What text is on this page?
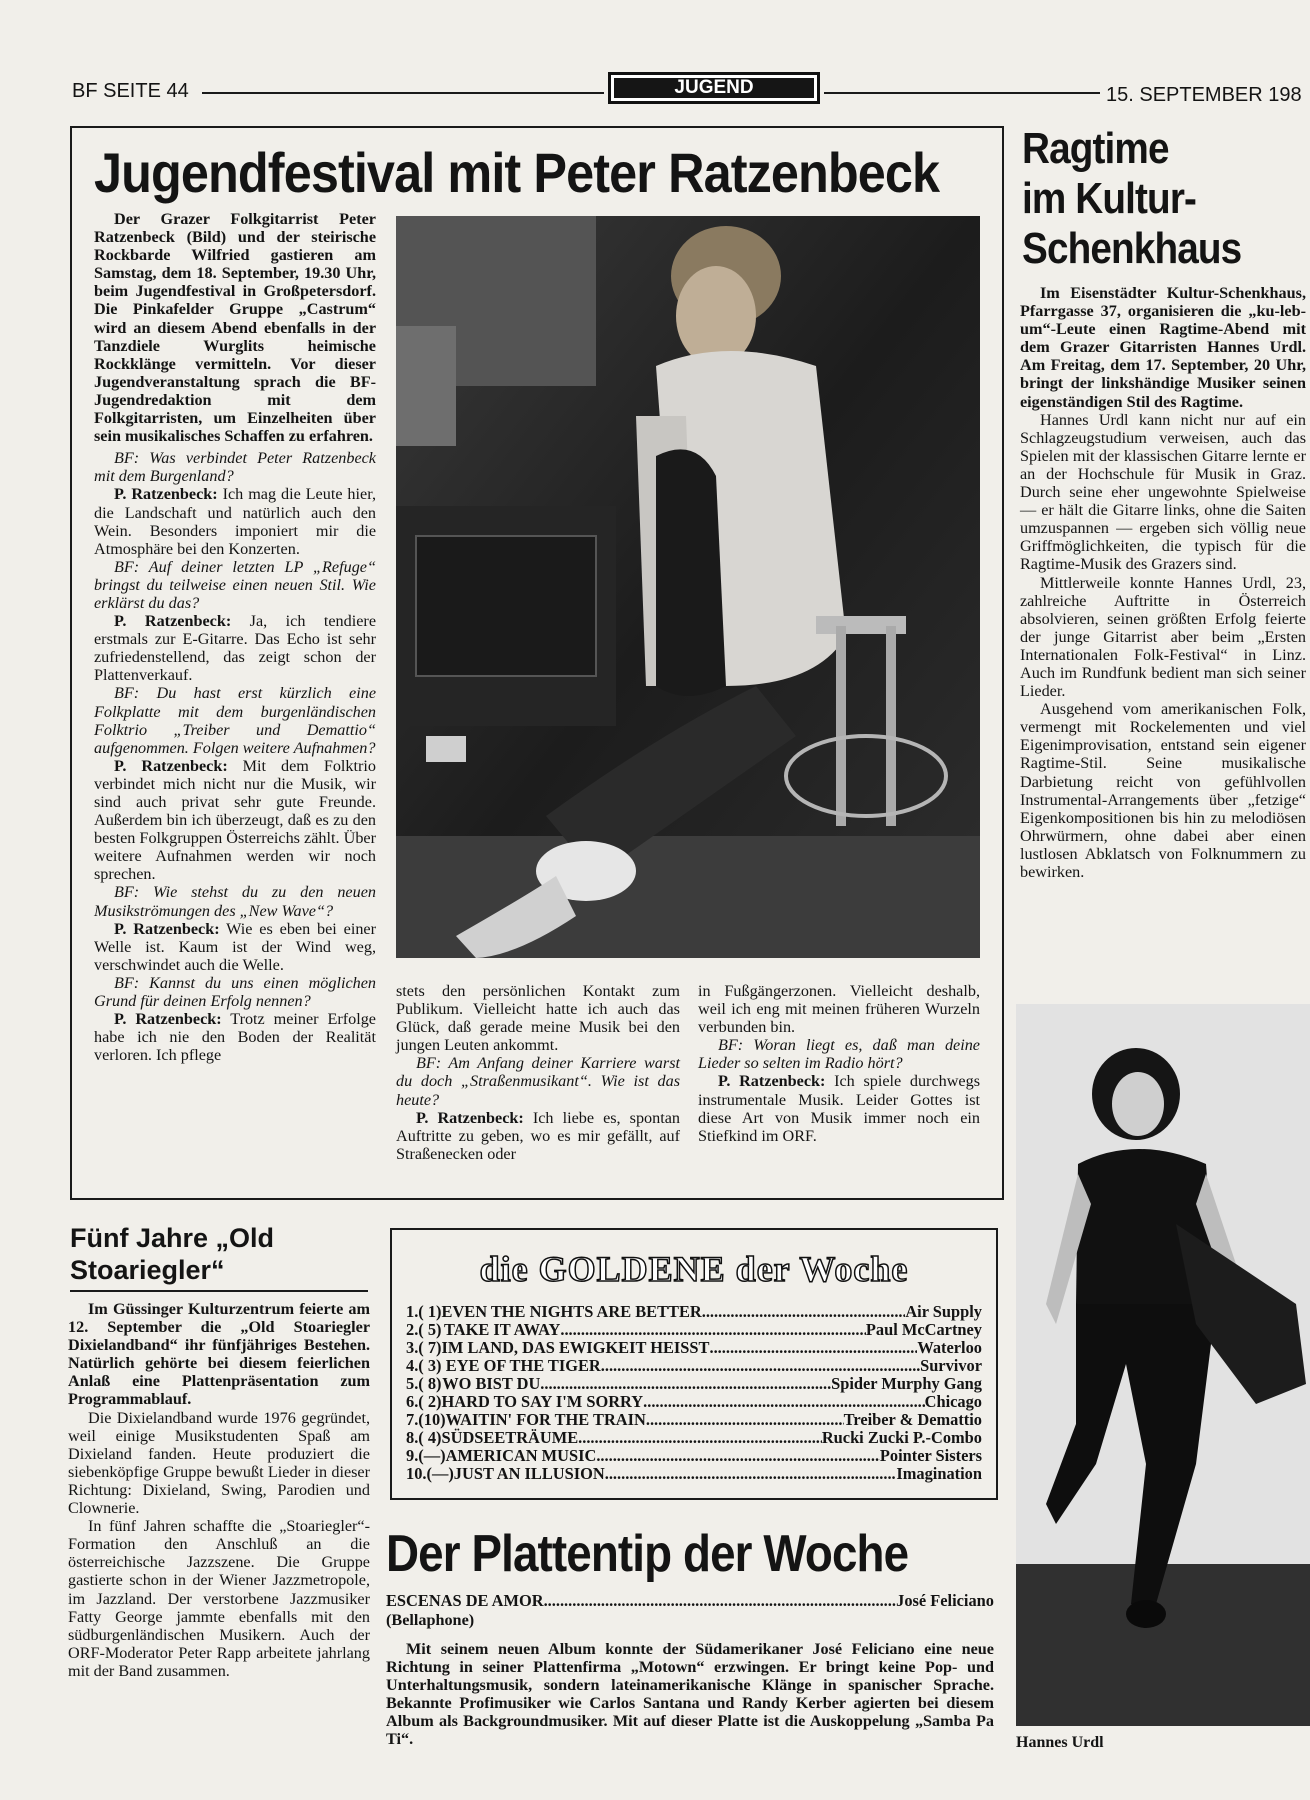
BF SEITE 44	JUGEND	15. SEPTEMBER 198
Jugendfestival mit Peter Ratzenbeck

Der Grazer Folkgitarrist Peter Ratzenbeck (Bild) und der steirische Rockbarde Wilfried gastieren am Samstag, dem 18. September, 19.30 Uhr, beim Jugendfestival in Großpetersdorf. Die Pinkafelder Gruppe „Castrum“ wird an diesem Abend ebenfalls in der Tanzdiele Wurglits heimische Rockklänge vermitteln. Vor dieser Jugendveranstaltung sprach die BF-Jugendredaktion mit dem Folkgitarristen, um Einzelheiten über sein musikalisches Schaffen zu erfahren.

BF: Was verbindet Peter Ratzenbeck mit dem Burgenland?

P. Ratzenbeck: Ich mag die Leute hier, die Landschaft und natürlich auch den Wein. Besonders imponiert mir die Atmosphäre bei den Konzerten.

BF: Auf deiner letzten LP „Refuge“ bringst du teilweise einen neuen Stil. Wie erklärst du das?

P. Ratzenbeck: Ja, ich tendiere erstmals zur E-Gitarre. Das Echo ist sehr zufriedenstellend, das zeigt schon der Plattenverkauf.

BF: Du hast erst kürzlich eine Folkplatte mit dem burgenländischen Folktrio „Treiber und Demattio“ aufgenommen. Folgen weitere Aufnahmen?

P. Ratzenbeck: Mit dem Folktrio verbindet mich nicht nur die Musik, wir sind auch privat sehr gute Freunde. Außerdem bin ich überzeugt, daß es zu den besten Folkgruppen Österreichs zählt. Über weitere Aufnahmen werden wir noch sprechen.

BF: Wie stehst du zu den neuen Musikströmungen des „New Wave“?

P. Ratzenbeck: Wie es eben bei einer Welle ist. Kaum ist der Wind weg, verschwindet auch die Welle.

BF: Kannst du uns einen möglichen Grund für deinen Erfolg nennen?

P. Ratzenbeck: Trotz meiner Erfolge habe ich nie den Boden der Realität verloren. Ich pflege

stets den persönlichen Kontakt zum Publikum. Vielleicht hatte ich auch das Glück, daß gerade meine Musik bei den jungen Leuten ankommt.

BF: Am Anfang deiner Karriere warst du doch „Straßenmusikant“. Wie ist das heute?

P. Ratzenbeck: Ich liebe es, spontan Auftritte zu geben, wo es mir gefällt, auf Straßenecken oder

in Fußgängerzonen. Vielleicht deshalb, weil ich eng mit meinen früheren Wurzeln verbunden bin.

BF: Woran liegt es, daß man deine Lieder so selten im Radio hört?

P. Ratzenbeck: Ich spiele durchwegs instrumentale Musik. Leider Gottes ist diese Art von Musik immer noch ein Stiefkind im ORF.

Ragtime
im Kultur-
Schenkhaus

Im Eisenstädter Kultur-Schenkhaus, Pfarrgasse 37, organisieren die „ku-leb-um“-Leute einen Ragtime-Abend mit dem Grazer Gitarristen Hannes Urdl. Am Freitag, dem 17. September, 20 Uhr, bringt der linkshändige Musiker seinen eigenständigen Stil des Ragtime.

Hannes Urdl kann nicht nur auf ein Schlagzeugstudium verweisen, auch das Spielen mit der klassischen Gitarre lernte er an der Hochschule für Musik in Graz. Durch seine eher ungewohnte Spielweise — er hält die Gitarre links, ohne die Saiten umzuspannen — ergeben sich völlig neue Griffmöglichkeiten, die typisch für die Ragtime-Musik des Grazers sind.

Mittlerweile konnte Hannes Urdl, 23, zahlreiche Auftritte in Österreich absolvieren, seinen größten Erfolg feierte der junge Gitarrist aber beim „Ersten Internationalen Folk-Festival“ in Linz. Auch im Rundfunk bedient man sich seiner Lieder.

Ausgehend vom amerikanischen Folk, vermengt mit Rockelementen und viel Eigenimprovisation, entstand sein eigener Ragtime-Stil. Seine musikalische Darbietung reicht von gefühlvollen Instrumental-Arrangements über „fetzige“ Eigenkompositionen bis hin zu melodiösen Ohrwürmern, ohne dabei aber einen lustlosen Abklatsch von Folknummern zu bewirken.

Hannes Urdl
Fünf Jahre „Old
Stoariegler“

Im Güssinger Kulturzentrum feierte am 12. September die „Old Stoariegler Dixielandband“ ihr fünfjähriges Bestehen. Natürlich gehörte bei diesem feierlichen Anlaß eine Plattenpräsentation zum Programmablauf.

Die Dixielandband wurde 1976 gegründet, weil einige Musikstudenten Spaß am Dixieland fanden. Heute produziert die siebenköpfige Gruppe bewußt Lieder in dieser Richtung: Dixieland, Swing, Parodien und Clownerie.

In fünf Jahren schaffte die „Stoariegler“-Formation den Anschluß an die österreichische Jazzszene. Die Gruppe gastierte schon in der Wiener Jazzmetropole, im Jazzland. Der verstorbene Jazzmusiker Fatty George jammte ebenfalls mit den südburgenländischen Musikern. Auch der ORF-Moderator Peter Rapp arbeitete jahrlang mit der Band zusammen.

die GOLDENE der Woche
1.( 1) EVEN THE NIGHTS ARE BETTER .....	Air Supply
2.( 5) TAKE IT AWAY .....	Paul McCartney
3.( 7) IM LAND, DAS EWIGKEIT HEISST .....	Waterloo
4.( 3) EYE OF THE TIGER .....	Survivor
5.( 8) WO BIST DU .....	Spider Murphy Gang
6.( 2) HARD TO SAY I'M SORRY .....	Chicago
7.(10) WAITIN' FOR THE TRAIN .....	Treiber & Demattio
8.( 4) SÜDSEETRÄUME .....	Rucki Zucki P.-Combo
9.(—) AMERICAN MUSIC .....	Pointer Sisters
10.(—) JUST AN ILLUSION .....	Imagination
Der Plattentip der Woche
ESCENAS DE AMOR .....	José Feliciano
(Bellaphone)
Mit seinem neuen Album konnte der Südamerikaner José Feliciano eine neue Richtung in seiner Plattenfirma „Motown“ erzwingen. Er bringt keine Pop- und Unterhaltungsmusik, sondern lateinamerikanische Klänge in spanischer Sprache. Bekannte Profimusiker wie Carlos Santana und Randy Kerber agierten bei diesem Album als Backgroundmusiker. Mit auf dieser Platte ist die Auskoppelung „Samba Pa Ti“.
